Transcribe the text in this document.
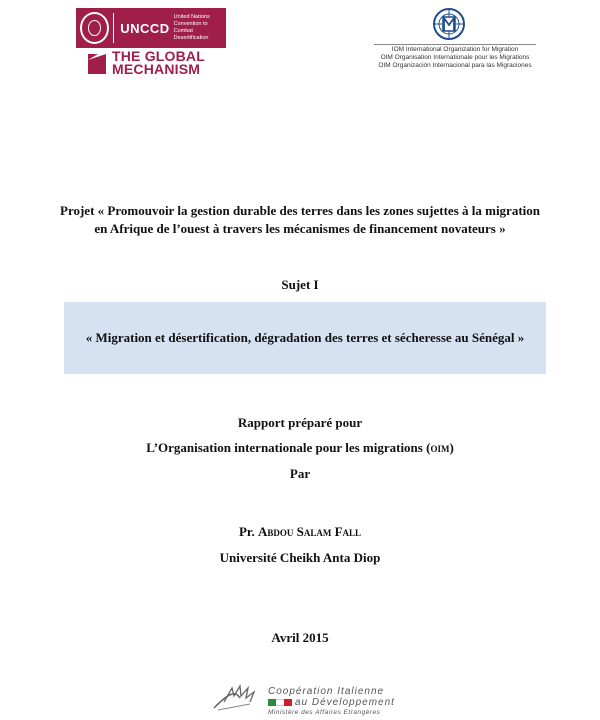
UNCCD
United Nations Convention to Combat Desertification
THE GLOBAL
MECHANISM
IOM International Organization for Migration
OIM Organisation Internationale pour les Migrations
OIM Organización Internacional para las Migraciones
Projet « Promouvoir la gestion durable des terres dans les zones sujettes à la migration
en Afrique de l’ouest à travers les mécanismes de financement novateurs »
Sujet I
« Migration et désertification, dégradation des terres et sécheresse au Sénégal »
Rapport préparé pour
L’Organisation internationale pour les migrations (oim)
Par
Pr. Abdou Salam Fall
Université Cheikh Anta Diop
Avril 2015
Coopération Italienne
au Développement
Ministère des Affaires Etrangères
